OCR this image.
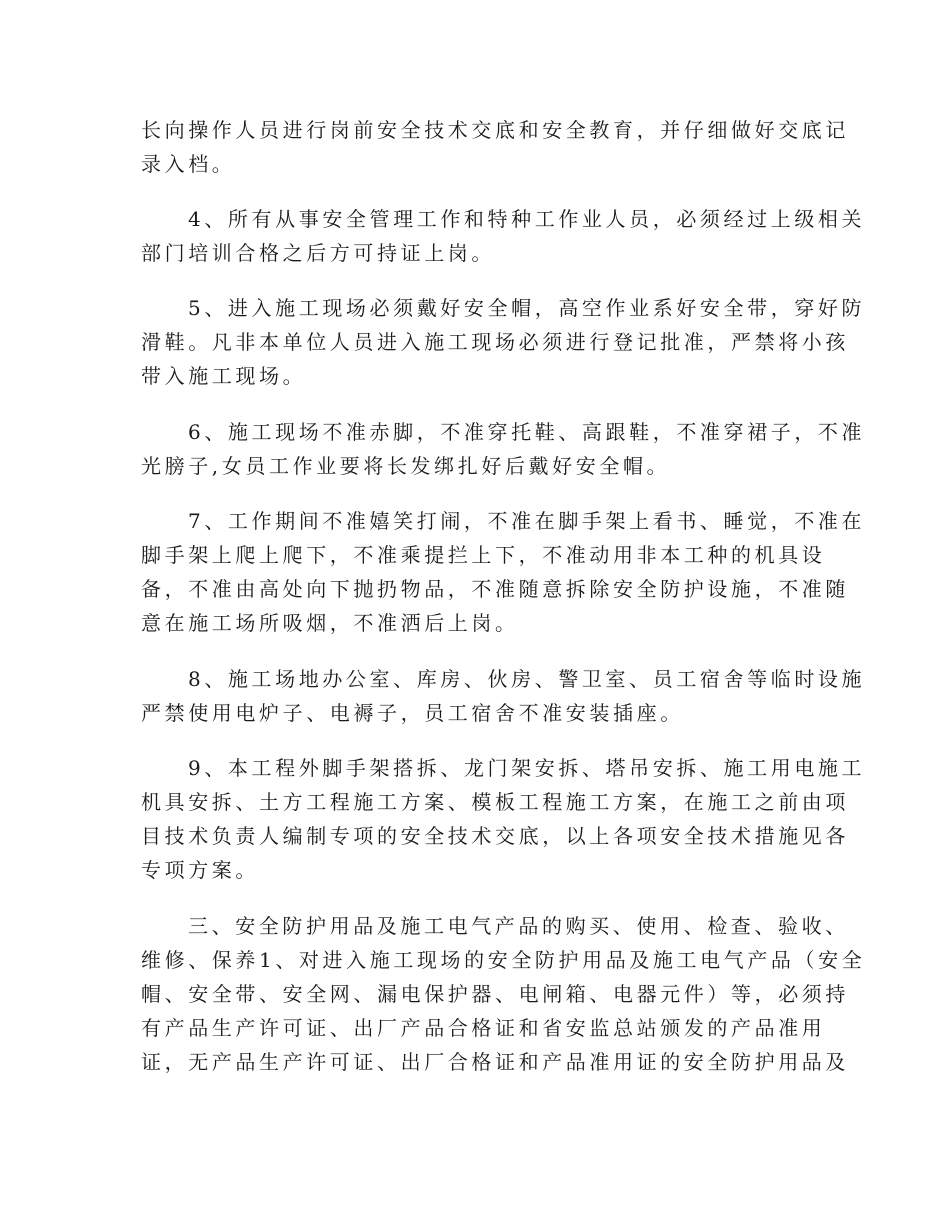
长向操作人员进行岗前安全技术交底和安全教育，并仔细做好交底记
录入档。
4、所有从事安全管理工作和特种工作业人员，必须经过上级相关
部门培训合格之后方可持证上岗。
5、进入施工现场必须戴好安全帽，高空作业系好安全带，穿好防
滑鞋。凡非本单位人员进入施工现场必须进行登记批准，严禁将小孩
带入施工现场。
6、施工现场不准赤脚，不准穿托鞋、高跟鞋，不准穿裙子，不准
光膀子,女员工作业要将长发绑扎好后戴好安全帽。
7、工作期间不准嬉笑打闹，不准在脚手架上看书、睡觉，不准在
脚手架上爬上爬下，不准乘提拦上下，不准动用非本工种的机具设
备，不准由高处向下抛扔物品，不准随意拆除安全防护设施，不准随
意在施工场所吸烟，不准洒后上岗。
8、施工场地办公室、库房、伙房、警卫室、员工宿舍等临时设施
严禁使用电炉子、电褥子，员工宿舍不准安装插座。
9、本工程外脚手架搭拆、龙门架安拆、塔吊安拆、施工用电施工
机具安拆、土方工程施工方案、模板工程施工方案，在施工之前由项
目技术负责人编制专项的安全技术交底，以上各项安全技术措施见各
专项方案。
三、安全防护用品及施工电气产品的购买、使用、检查、验收、
维修、保养1、对进入施工现场的安全防护用品及施工电气产品（安全
帽、安全带、安全网、漏电保护器、电闸箱、电器元件）等，必须持
有产品生产许可证、出厂产品合格证和省安监总站颁发的产品准用
证，无产品生产许可证、出厂合格证和产品准用证的安全防护用品及
